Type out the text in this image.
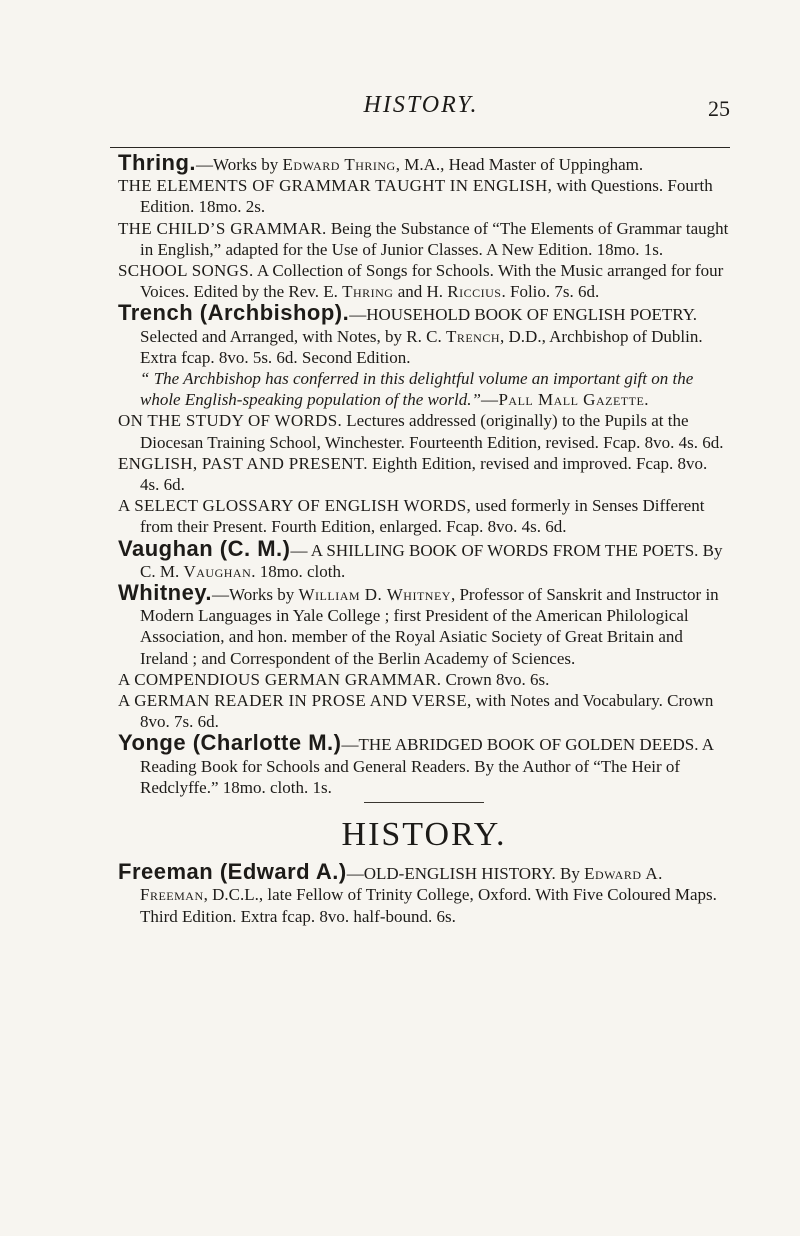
HISTORY.	25

Thring.—Works by Edward Thring, M.A., Head Master of Uppingham.

THE ELEMENTS OF GRAMMAR TAUGHT IN ENGLISH, with Questions. Fourth Edition. 18mo. 2s.

THE CHILD’S GRAMMAR. Being the Substance of “The Elements of Grammar taught in English,” adapted for the Use of Junior Classes. A New Edition. 18mo. 1s.

SCHOOL SONGS. A Collection of Songs for Schools. With the Music arranged for four Voices. Edited by the Rev. E. Thring and H. Riccius. Folio. 7s. 6d.

Trench (Archbishop).—HOUSEHOLD BOOK OF ENGLISH POETRY. Selected and Arranged, with Notes, by R. C. Trench, D.D., Archbishop of Dublin. Extra fcap. 8vo. 5s. 6d. Second Edition.

“ The Archbishop has conferred in this delightful volume an important gift on the whole English-speaking population of the world.”—Pall Mall Gazette.

ON THE STUDY OF WORDS. Lectures addressed (originally) to the Pupils at the Diocesan Training School, Winchester. Fourteenth Edition, revised. Fcap. 8vo. 4s. 6d.

ENGLISH, PAST AND PRESENT. Eighth Edition, revised and improved. Fcap. 8vo. 4s. 6d.

A SELECT GLOSSARY OF ENGLISH WORDS, used formerly in Senses Different from their Present. Fourth Edition, enlarged. Fcap. 8vo. 4s. 6d.

Vaughan (C. M.)— A SHILLING BOOK OF WORDS FROM THE POETS. By C. M. Vaughan. 18mo. cloth.

Whitney.—Works by William D. Whitney, Professor of Sanskrit and Instructor in Modern Languages in Yale College ; first President of the American Philological Association, and hon. member of the Royal Asiatic Society of Great Britain and Ireland ; and Correspondent of the Berlin Academy of Sciences.

A COMPENDIOUS GERMAN GRAMMAR. Crown 8vo. 6s.

A GERMAN READER IN PROSE AND VERSE, with Notes and Vocabulary. Crown 8vo. 7s. 6d.

Yonge (Charlotte M.)—THE ABRIDGED BOOK OF GOLDEN DEEDS. A Reading Book for Schools and General Readers. By the Author of “The Heir of Redclyffe.” 18mo. cloth. 1s.

HISTORY.

Freeman (Edward A.)—OLD-ENGLISH HISTORY. By Edward A. Freeman, D.C.L., late Fellow of Trinity College, Oxford. With Five Coloured Maps. Third Edition. Extra fcap. 8vo. half-bound. 6s.
